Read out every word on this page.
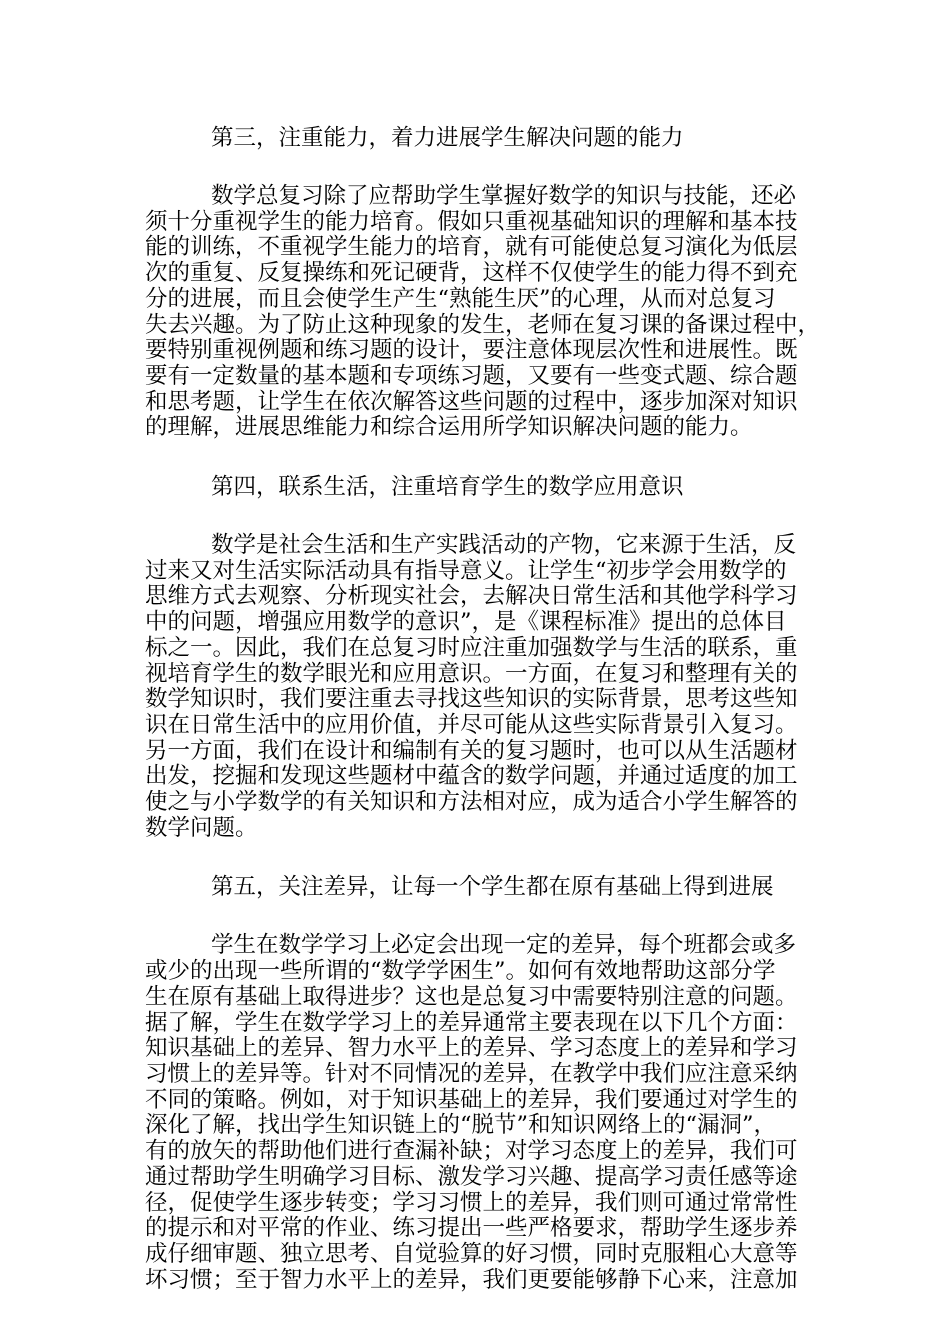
第三，注重能力，着力进展学生解决问题的能力
数学总复习除了应帮助学生掌握好数学的知识与技能，还必
须十分重视学生的能力培育。假如只重视基础知识的理解和基本技
能的训练，不重视学生能力的培育，就有可能使总复习演化为低层
次的重复、反复操练和死记硬背，这样不仅使学生的能力得不到充
分的进展，而且会使学生产生“熟能生厌”的心理，从而对总复习
失去兴趣。为了防止这种现象的发生，老师在复习课的备课过程中，
要特别重视例题和练习题的设计，要注意体现层次性和进展性。既
要有一定数量的基本题和专项练习题，又要有一些变式题、综合题
和思考题，让学生在依次解答这些问题的过程中，逐步加深对知识
的理解，进展思维能力和综合运用所学知识解决问题的能力。
第四，联系生活，注重培育学生的数学应用意识
数学是社会生活和生产实践活动的产物，它来源于生活，反
过来又对生活实际活动具有指导意义。让学生“初步学会用数学的
思维方式去观察、分析现实社会，去解决日常生活和其他学科学习
中的问题，增强应用数学的意识”，是《课程标准》提出的总体目
标之一。因此，我们在总复习时应注重加强数学与生活的联系，重
视培育学生的数学眼光和应用意识。一方面，在复习和整理有关的
数学知识时，我们要注重去寻找这些知识的实际背景，思考这些知
识在日常生活中的应用价值，并尽可能从这些实际背景引入复习。
另一方面，我们在设计和编制有关的复习题时，也可以从生活题材
出发，挖掘和发现这些题材中蕴含的数学问题，并通过适度的加工
使之与小学数学的有关知识和方法相对应，成为适合小学生解答的
数学问题。
第五，关注差异，让每一个学生都在原有基础上得到进展
学生在数学学习上必定会出现一定的差异，每个班都会或多
或少的出现一些所谓的“数学学困生”。如何有效地帮助这部分学
生在原有基础上取得进步？这也是总复习中需要特别注意的问题。
据了解，学生在数学学习上的差异通常主要表现在以下几个方面：
知识基础上的差异、智力水平上的差异、学习态度上的差异和学习
习惯上的差异等。针对不同情况的差异，在教学中我们应注意采纳
不同的策略。例如，对于知识基础上的差异，我们要通过对学生的
深化了解，找出学生知识链上的“脱节”和知识网络上的“漏洞”，
有的放矢的帮助他们进行查漏补缺；对学习态度上的差异，我们可
通过帮助学生明确学习目标、激发学习兴趣、提高学习责任感等途
径，促使学生逐步转变；学习习惯上的差异，我们则可通过常常性
的提示和对平常的作业、练习提出一些严格要求，帮助学生逐步养
成仔细审题、独立思考、自觉验算的好习惯，同时克服粗心大意等
坏习惯；至于智力水平上的差异，我们更要能够静下心来，注意加
